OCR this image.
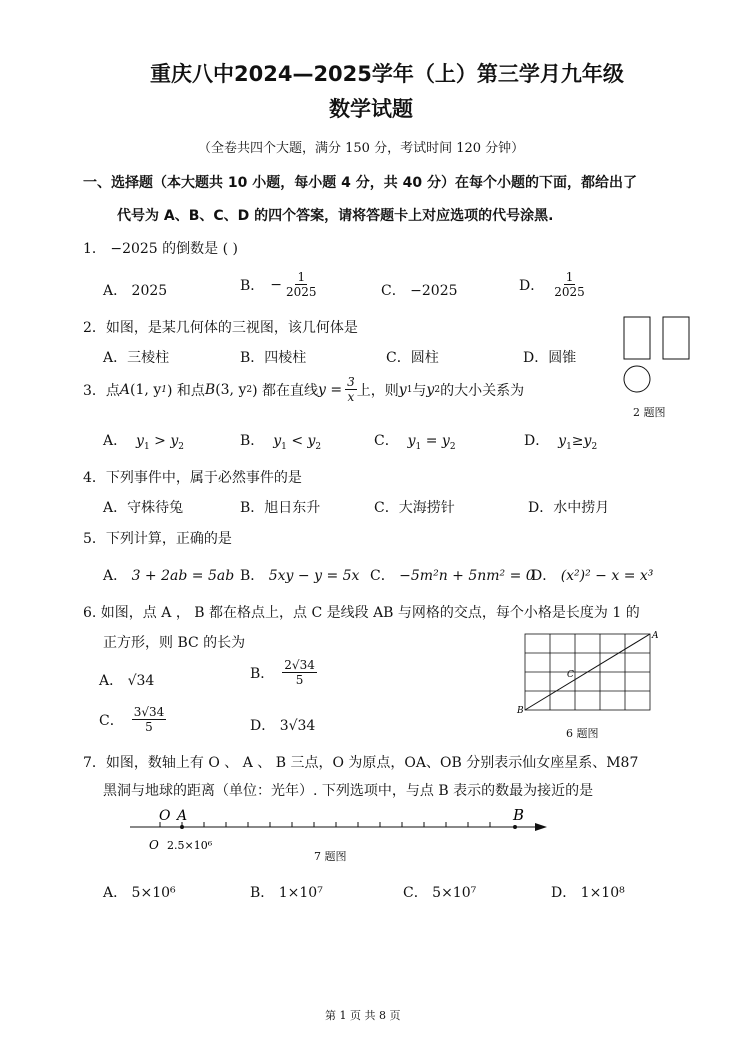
重庆八中2024—2025学年（上）第三学月九年级
数学试题
（全卷共四个大题，满分 150 分，考试时间 120 分钟）
一、选择题（本大题共 10 小题，每小题 4 分，共 40 分）在每个小题的下面，都给出了
代号为 A、B、C、D 的四个答案，请将答题卡上对应选项的代号涂黑.
1． −2025 的倒数是 ( )
A． 2025	B． − $\frac{1}{2025}$	C． −2025	D． $\frac{1}{2025}$
2．如图，是某几何体的三视图，该几何体是
A．三棱柱	B．四棱柱	C．圆柱	D．圆锥
2 题图
3．点 A (1, y 1 ) 和点 B (3, y 2 ) 都在直线 $y = \frac{3}{x}$ 上，则 y 1 与 y 2 的大小关系为
A． $y_1 > y_2$	B． $y_1 < y_2$	C． $y_1 = y_2$	D． $y_1\ge y_2$
4．下列事件中，属于必然事件的是
A．守株待兔	B．旭日东升	C．大海捞针	D．水中捞月
5．下列计算，正确的是
A． 3 + 2ab = 5ab B． 5xy − y = 5x C． −5m²n + 5nm² = 0
D． (x²)² − x = x³
6. 如图，点 A ， B 都在格点上，点 C 是线段 AB 与网格的交点，每个小格是长度为 1 的
正方形，则 BC 的长为
A． √34	B． $\frac{2√34}{5}$
C． $\frac{3√34}{5}$	D． 3√34
A
B
C
6 题图
7．如图，数轴上有 O 、 A 、 B 三点，O 为原点，OA、OB 分别表示仙女座星系、M87
黑洞与地球的距离（单位：光年）. 下列选项中，与点 B 表示的数最为接近的是
O A	B
O 2.5×10⁶
7 题图
A． 5×10⁶	B． 1×10⁷	C． 5×10⁷	D． 1×10⁸
第 1 页 共 8 页
